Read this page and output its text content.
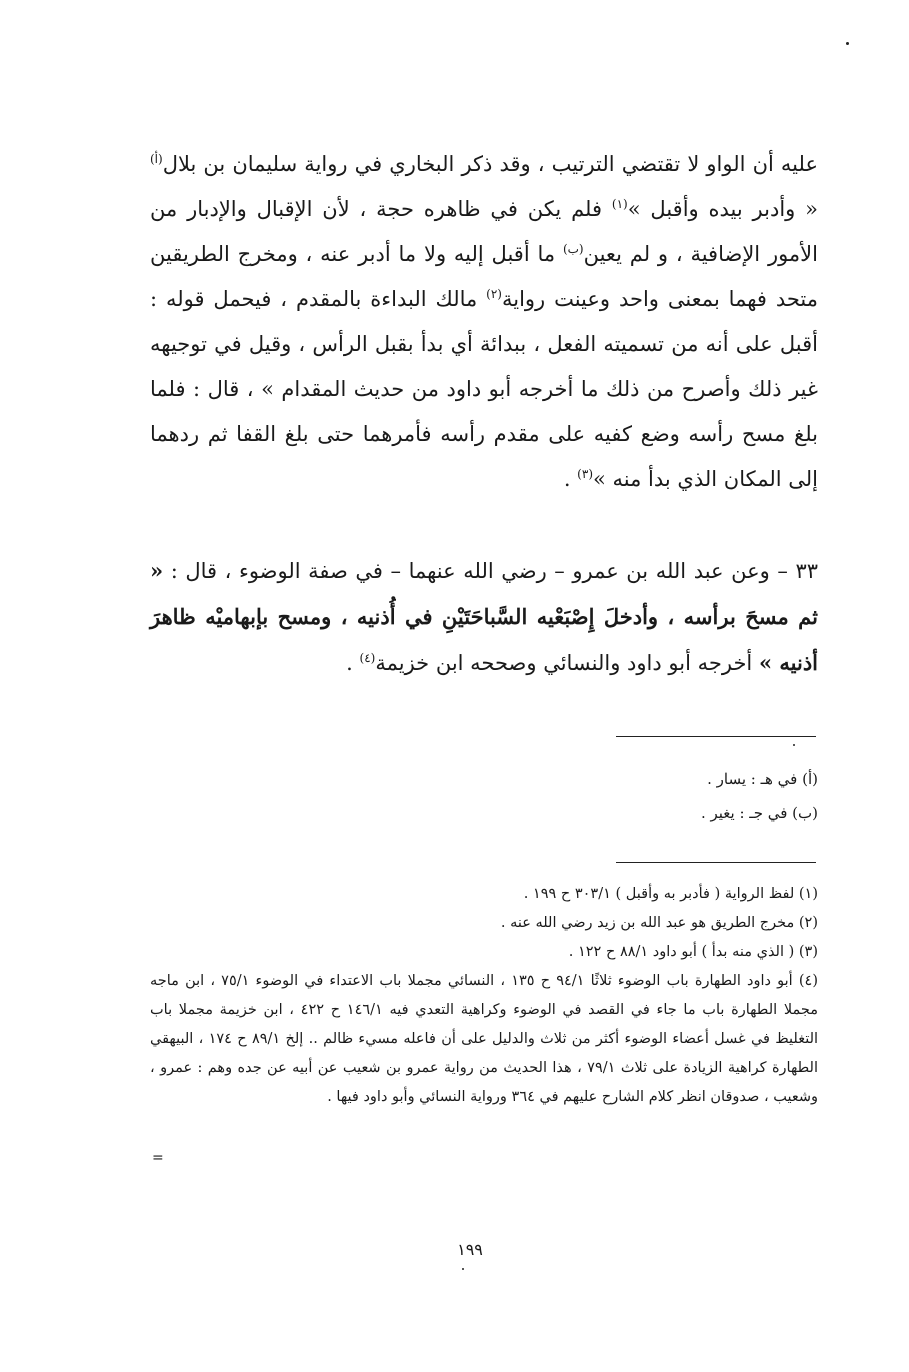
عليه أن الواو لا تقتضي الترتيب ، وقد ذكر البخاري في رواية سليمان بن بلال$^{(أ)}$ « وأدبر بيده وأقبل »$^{(١)}$ فلم يكن في ظاهره حجة ، لأن الإقبال والإدبار من الأمور الإضافية ، و لم يعين$^{(ب)}$ ما أقبل إليه ولا ما أدبر عنه ، ومخرج الطريقين متحد فهما بمعنى واحد وعينت رواية$^{(٢)}$ مالك البداءة بالمقدم ، فيحمل قوله : أقبل على أنه من تسميته الفعل ، ببدائة أي بدأ بقبل الرأس ، وقيل في توجيهه غير ذلك وأصرح من ذلك ما أخرجه أبو داود من حديث المقدام » ، قال : فلما بلغ مسح رأسه وضع كفيه على مقدم رأسه فأمرهما حتى بلغ القفا ثم ردهما إلى المكان الذي بدأ منه »$^{(٣)}$ .

٣٣ – وعن عبد الله بن عمرو – رضي الله عنهما – في صفة الوضوء ، قال : « ثم مسحَ برأسه ، وأدخلَ إِصْبَعْيه السَّباحَتَيْنِ في أُذنيه ، ومسح بإبهاميْه ظاهرَ أذنيه » أخرجه أبو داود والنسائي وصححه ابن خزيمة$^{(٤)}$ .

(أ) في هـ : يسار .
(ب) في جـ : يغير .
(١) لفظ الرواية ( فأدبر به وأقبل ) ٣٠٣/١ ح ١٩٩ .
(٢) مخرج الطريق هو عبد الله بن زيد رضي الله عنه .
(٣) ( الذي منه بدأ ) أبو داود ٨٨/١ ح ١٢٢ .
(٤) أبو داود الطهارة باب الوضوء ثلاثًا ٩٤/١ ح ١٣٥ ، النسائي مجملا باب الاعتداء في الوضوء ٧٥/١ ، ابن ماجه مجملا الطهارة باب ما جاء في القصد في الوضوء وكراهية التعدي فيه ١٤٦/١ ح ٤٢٢ ، ابن خزيمة مجملا باب التغليظ في غسل أعضاء الوضوء أكثر من ثلاث والدليل على أن فاعله مسيء ظالم .. إلخ ٨٩/١ ح ١٧٤ ، البيهقي الطهارة كراهية الزيادة على ثلاث ٧٩/١ ، هذا الحديث من رواية عمرو بن شعيب عن أبيه عن جده وهم : عمرو ، وشعيب ، صدوقان انظر كلام الشارح عليهم في ٣٦٤ ورواية النسائي وأبو داود فيها .
=
١٩٩
